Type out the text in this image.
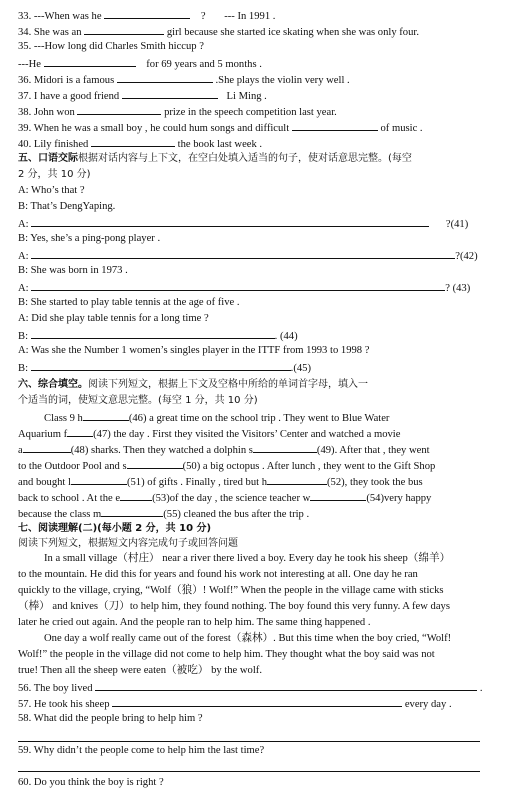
33. ---When was he	? --- In 1991 .
34. She was an	girl because she started ice skating when she was only four.
35. ---How long did Charles Smith hiccup ?
---He	for 69 years and 5 months .
36. Midori is a famous	.She plays the violin very well .
37. I have a good friend	Li Ming .
38. John won	prize in the speech competition last year.
39. When he was a small boy , he could hum songs and difficult	of music .
40. Lily finished	the book last week .
五、口语交际根据对话内容与上下文，在空白处填入适当的句子，使对话意思完整。(每空
2 分，共 10 分)
A: Who’s that ?
B: That’s DengYaping.
A:	?(41)
B: Yes, she’s a ping-pong player .
A:	?(42)
B: She was born in 1973 .
A:	? (43)
B: She started to play table tennis at the age of five .
A: Did she play table tennis for a long time ?
B:	. (44)
A: Was she the Number 1 women’s singles player in the ITTF from 1993 to 1998 ?
B:	.(45)
六、综合填空。阅读下列短文，根据上下文及空格中所给的单词首字母，填入一
个适当的词，使短文意思完整。(每空 1 分，共 10 分)
Class 9 h	(46) a great time on the school trip . They went to Blue Water
Aquarium f (47) the day . First they visited the Visitors’ Center and watched a movie
a	(48) sharks. Then they watched a dolphin s	(49). After that , they went
to the Outdoor Pool and s	(50) a big octopus . After lunch , they went to the Gift Shop
and bought l	(51) of gifts . Finally , tired but h	(52), they took the bus
back to school . At the e	(53)of the day , the science teacher w	(54)very happy
because the class m	(55) cleaned the bus after the trip .
七、阅读理解(二)(每小题 2 分，共 10 分)
阅读下列短文，根据短文内容完成句子或回答问题
In a small village（村庄） near a river there lived a boy. Every day he took his sheep（绵羊）
to the mountain. He did this for years and found his work not interesting at all. One day he ran
quickly to the village, crying, “Wolf（狼）! Wolf!” When the people in the village came with sticks
（棒） and knives（刀）to help him, they found nothing. The boy found this very funny. A few days
later he cried out again. And the people ran to help him. The same thing happened .
One day a wolf really came out of the forest（森林）. But this time when the boy cried, “Wolf!
Wolf!” the people in the village did not come to help him. They thought what the boy said was not
true! Then all the sheep were eaten（被吃） by the wolf.
56. The boy lived	.
57. He took his sheep	every day .
58. What did the people bring to help him ?
59. Why didn’t the people come to help him the last time?
60. Do you think the boy is right ?
